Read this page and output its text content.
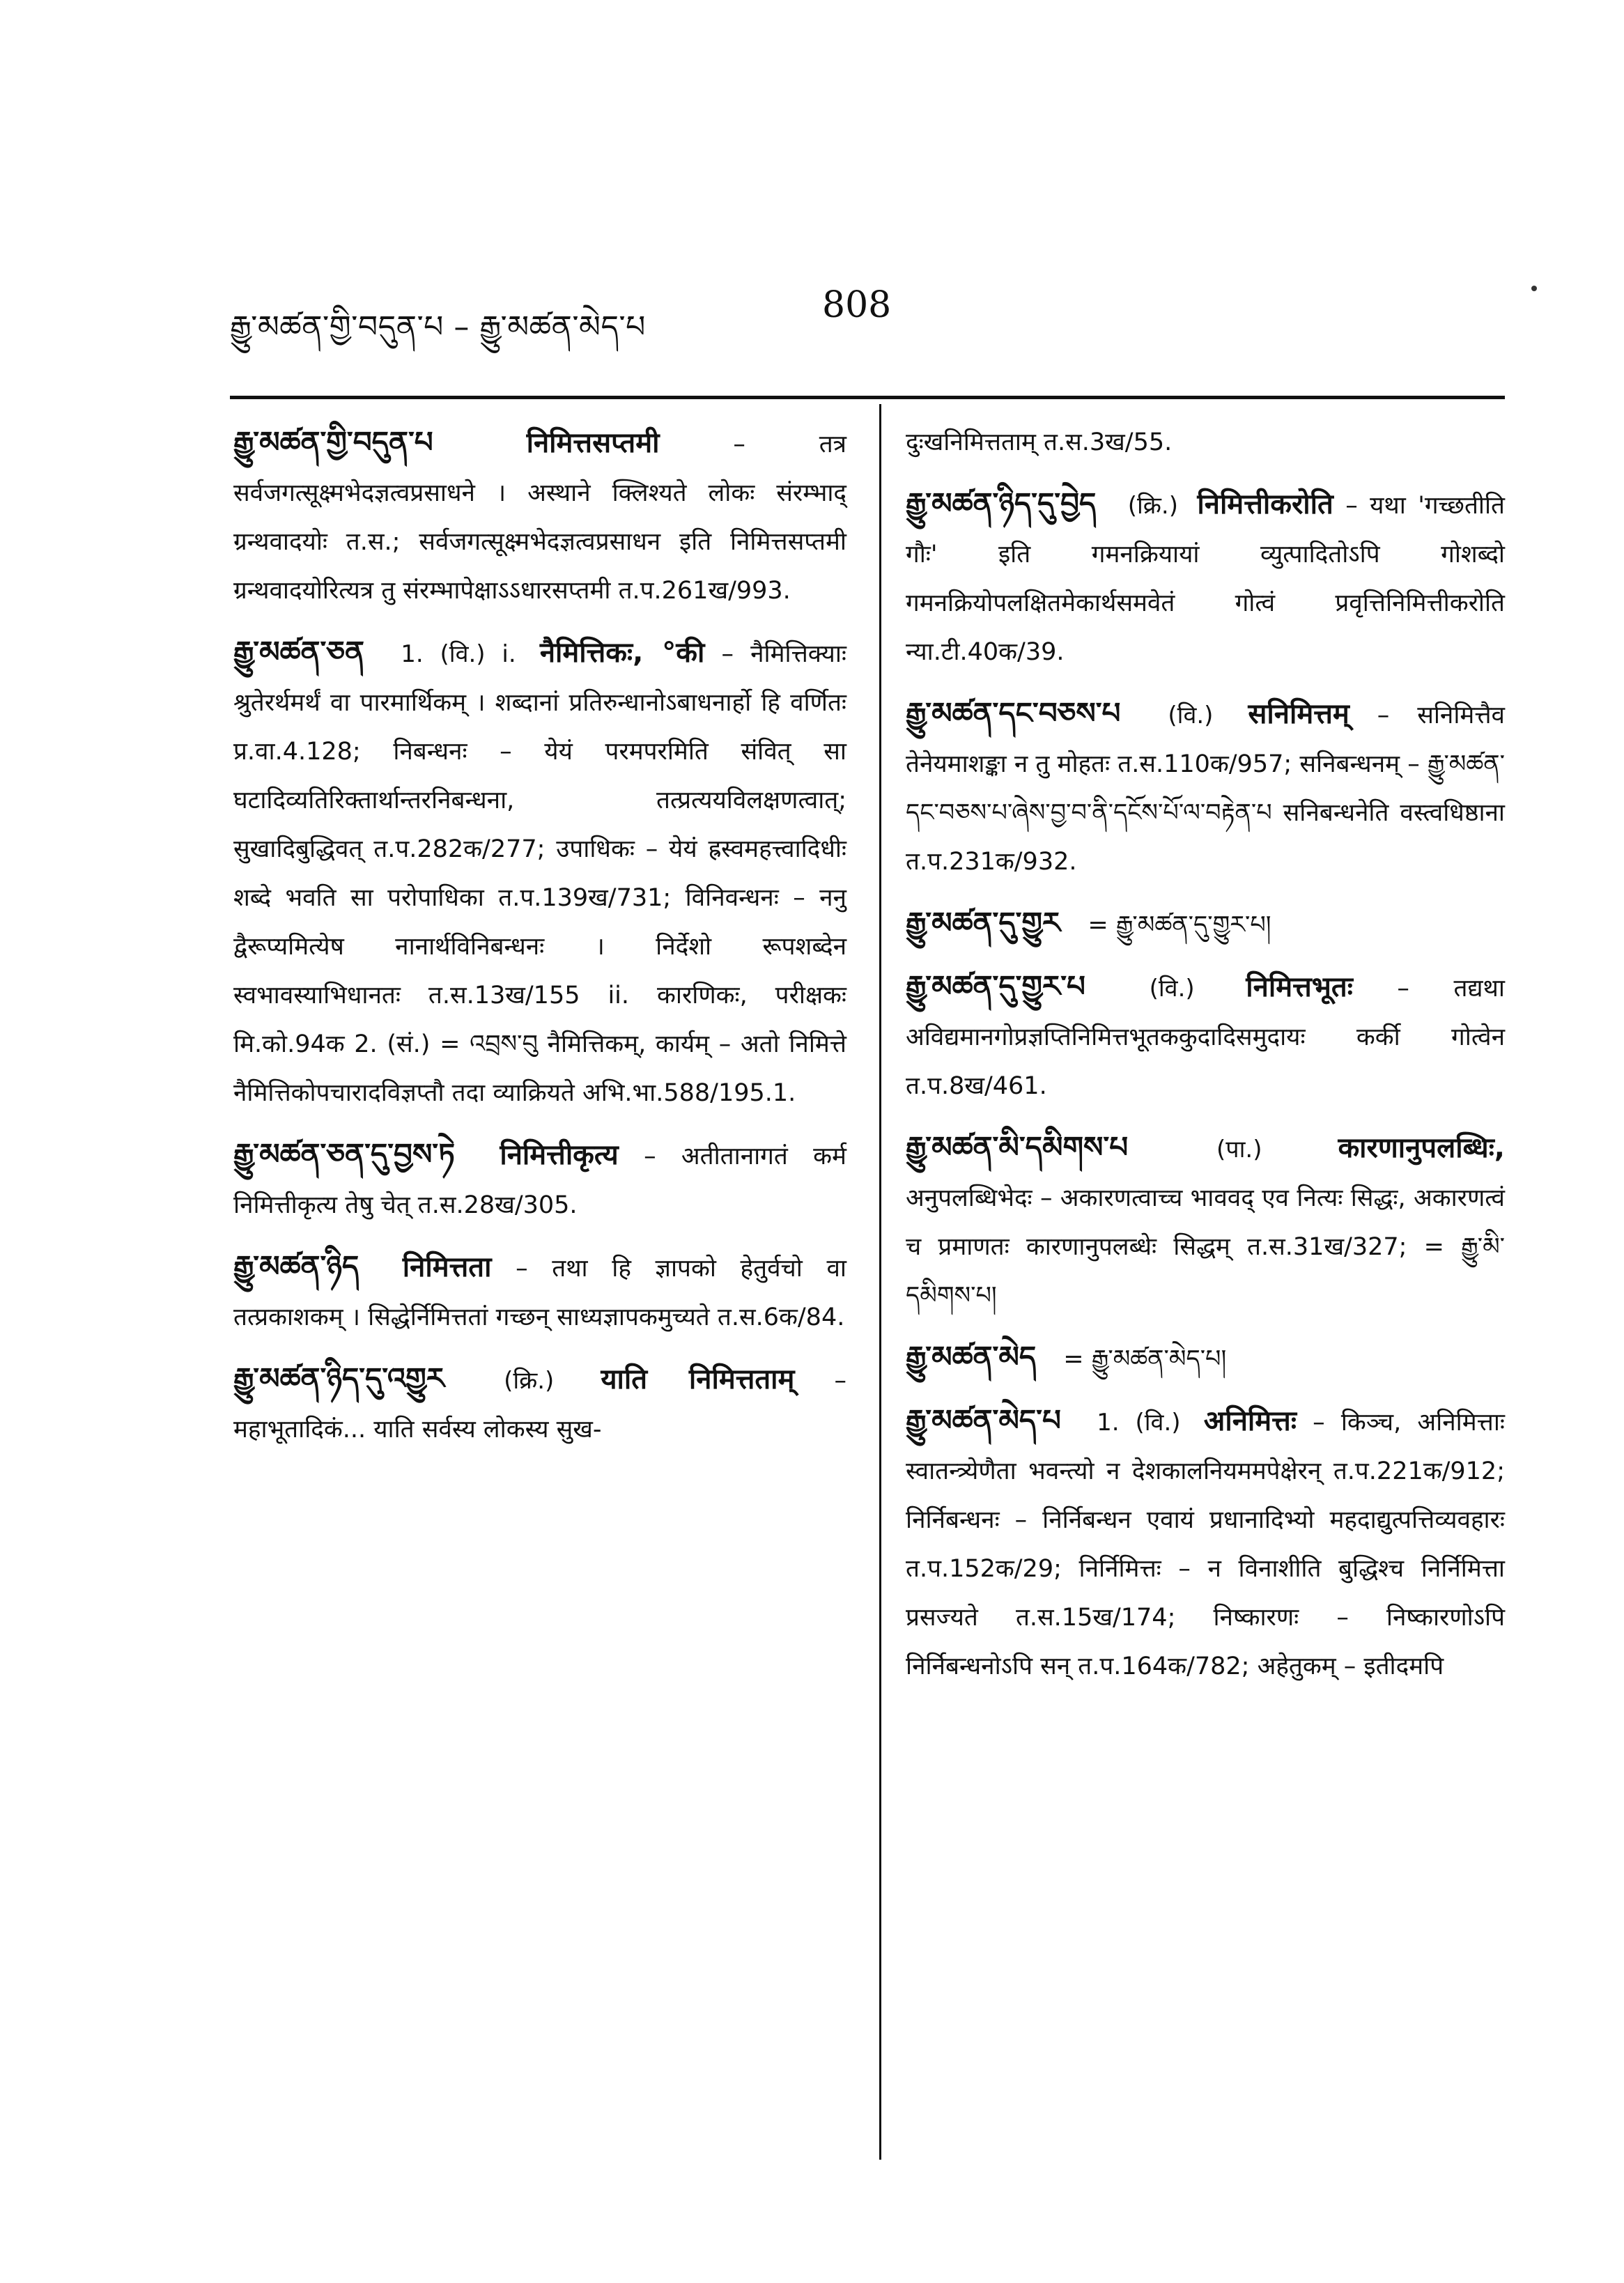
རྒྱུ་མཚན་གྱི་བདུན་པ – རྒྱུ་མཚན་མེད་པ
808

རྒྱུ་མཚན་གྱི་བདུན་པ	निमित्तसप्तमी	– तत्र सर्वजगत्सूक्ष्मभेदज्ञत्वप्रसाधने । अस्थाने क्लिश्यते लोकः संरम्भाद् ग्रन्थवादयोः त.स.; सर्वजगत्सूक्ष्मभेदज्ञत्वप्रसाधन इति निमित्तसप्तमी ग्रन्थवादयोरित्यत्र तु संरम्भापेक्षाऽऽधारसप्तमी त.प.261ख/993.

རྒྱུ་མཚན་ཅན 1. (वि.) i. नैमित्तिकः, °की – नैमित्तिक्याः श्रुतेरर्थमर्थं वा पारमार्थिकम् । शब्दानां प्रतिरुन्धानोऽबाधनार्हो हि वर्णितः प्र.वा.4.128; निबन्धनः – येयं परमपरमिति संवित् सा घटादिव्यतिरिक्तार्थान्तरनिबन्धना, तत्प्रत्ययविलक्षणत्वात्; सुखादिबुद्धिवत् त.प.282क/277; उपाधिकः – येयं ह्रस्वमहत्त्वादिधीः शब्दे भवति सा परोपाधिका त.प.139ख/731; विनिवन्धनः – ननु द्वैरूप्यमित्येष नानार्थविनिबन्धनः । निर्देशो रूपशब्देन स्वभावस्याभिधानतः त.स.13ख/155 ii. कारणिकः, परीक्षकः मि.को.94क 2. (सं.) = འབྲས་བུ नैमित्तिकम्, कार्यम् – अतो निमित्ते नैमित्तिकोपचारादविज्ञप्तौ तदा व्याक्रियते अभि.भा.588/195.1.

རྒྱུ་མཚན་ཅན་དུ་བྱས་ཏེ निमित्तीकृत्य – अतीतानागतं कर्म निमित्तीकृत्य तेषु चेत् त.स.28ख/305.

རྒྱུ་མཚན་ཉིད निमित्तता – तथा हि ज्ञापको हेतुर्वचो वा तत्प्रकाशकम् । सिद्धेर्निमित्ततां गच्छन् साध्यज्ञापकमुच्यते त.स.6क/84.

རྒྱུ་མཚན་ཉིད་དུ་འགྱུར	(क्रि.) याति निमित्तताम् – महाभूतादिकं... याति सर्वस्य लोकस्य सुख-

दुःखनिमित्तताम् त.स.3ख/55.

རྒྱུ་མཚན་ཉིད་དུ་བྱེད (क्रि.) निमित्तीकरोति – यथा 'गच्छतीति गौः' इति गमनक्रियायां व्युत्पादितोऽपि गोशब्दो गमनक्रियोपलक्षितमेकार्थसमवेतं गोत्वं प्रवृत्तिनिमित्तीकरोति न्या.टी.40क/39.

རྒྱུ་མཚན་དང་བཅས་པ (वि.) सनिमित्तम् – सनिमित्तैव तेनेयमाशङ्का न तु मोहतः त.स.110क/957; सनिबन्धनम् – རྒྱུ་མཚན་དང་བཅས་པ་ཞེས་བྱ་བ་ནི་དངོས་པོ་ལ་བརྟེན་པ सनिबन्धनेति वस्त्वधिष्ठाना त.प.231क/932.

རྒྱུ་མཚན་དུ་གྱུར = རྒྱུ་མཚན་དུ་གྱུར་པ།

རྒྱུ་མཚན་དུ་གྱུར་པ	(वि.) निमित्तभूतः – तद्यथा अविद्यमानगोप्रज्ञप्तिनिमित्तभूतककुदादिसमुदायः कर्की गोत्वेन त.प.8ख/461.

རྒྱུ་མཚན་མི་དམིགས་པ	(पा.)	कारणानुपलब्धिः, अनुपलब्धिभेदः – अकारणत्वाच्च भाववद् एव नित्यः सिद्धः, अकारणत्वं च प्रमाणतः कारणानुपलब्धेः सिद्धम् त.स.31ख/327; = རྒྱུ་མི་དམིགས་པ།

རྒྱུ་མཚན་མེད = རྒྱུ་མཚན་མེད་པ།

རྒྱུ་མཚན་མེད་པ 1. (वि.) अनिमित्तः – किञ्च, अनिमित्ताः स्वातन्त्र्येणैता भवन्त्यो न देशकालनियममपेक्षेरन् त.प.221क/912; निर्निबन्धनः – निर्निबन्धन एवायं प्रधानादिभ्यो महदाद्युत्पत्तिव्यवहारः त.प.152क/29; निर्निमित्तः – न विनाशीति बुद्धिश्च निर्निमित्ता प्रसज्यते त.स.15ख/174; निष्कारणः – निष्कारणोऽपि निर्निबन्धनोऽपि सन् त.प.164क/782; अहेतुकम् – इतीदमपि
